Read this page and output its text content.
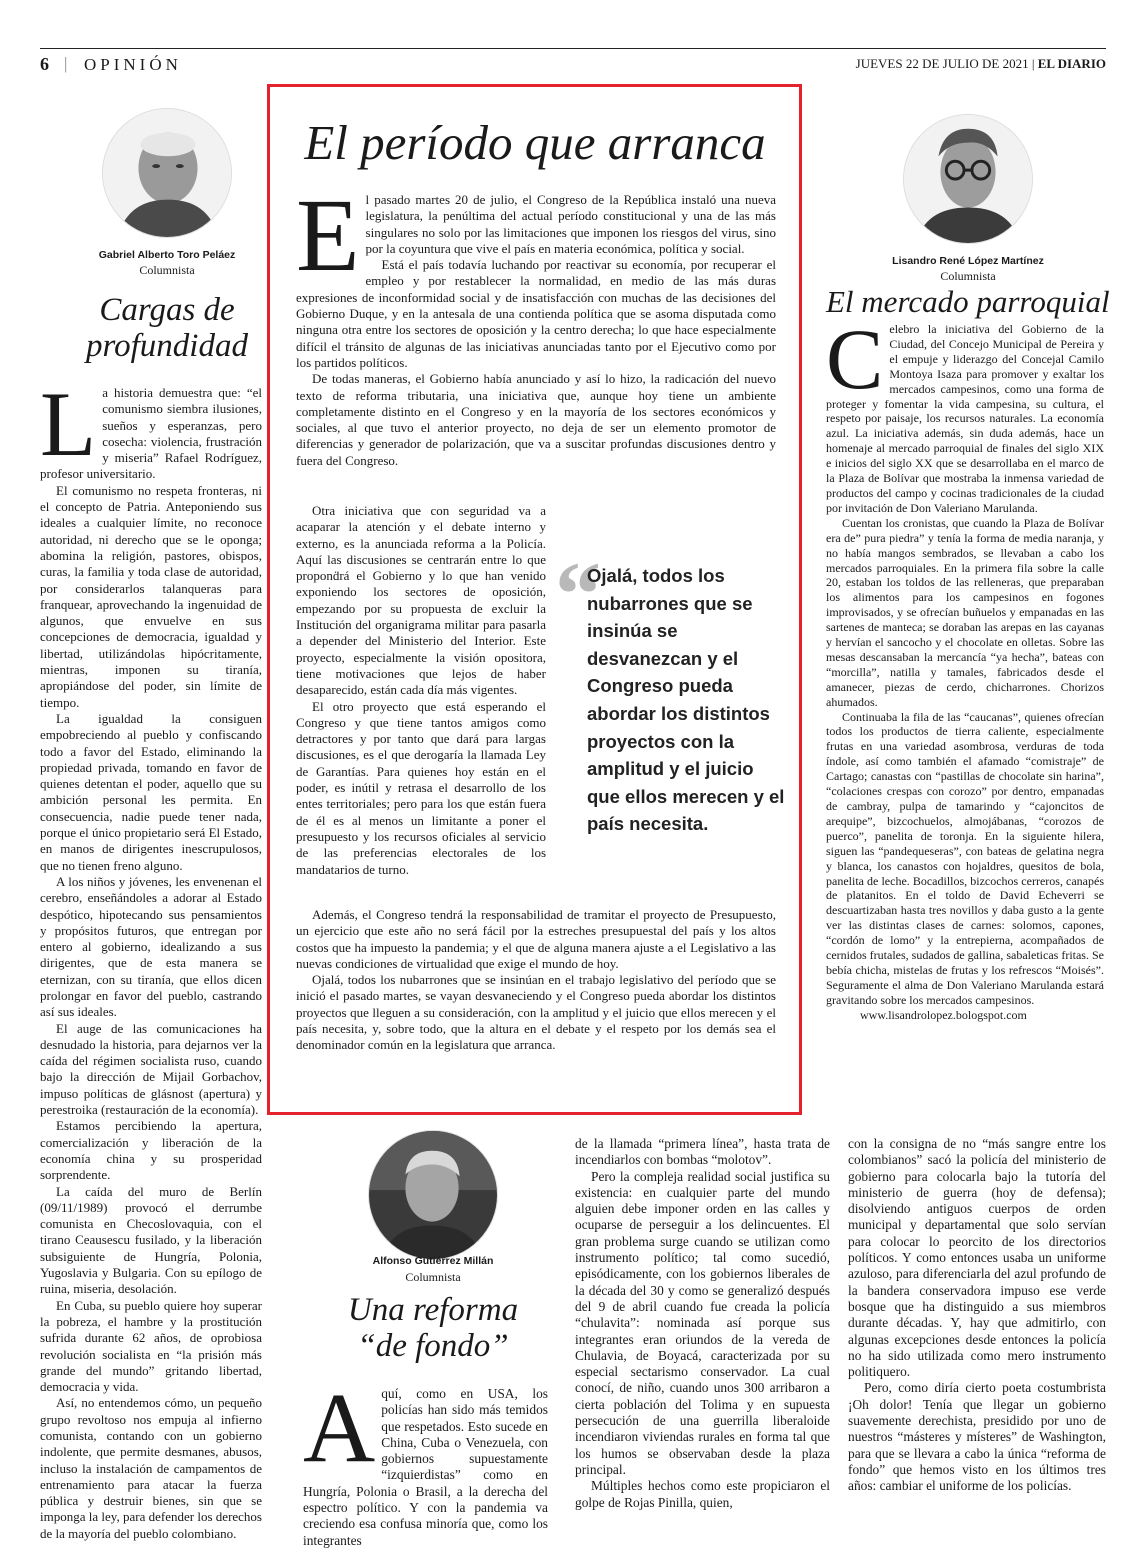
6 | OPINIÓN	JUEVES 22 DE JULIO DE 2021 | EL DIARIO
Gabriel Alberto Toro Peláez
Columnista
Cargas de profundidad

La historia demuestra que: “el comunismo siembra ilusiones, sueños y esperanzas, pero cosecha: violencia, frustración y miseria” Rafael Rodríguez, profesor universitario.

El comunismo no respeta fronteras, ni el concepto de Patria. Anteponiendo sus ideales a cualquier límite, no reconoce autoridad, ni derecho que se le oponga; abomina la religión, pastores, obispos, curas, la familia y toda clase de autoridad, por considerarlos talanqueras para franquear, aprovechando la ingenuidad de algunos, que envuelve en sus concepciones de democracia, igualdad y libertad, utilizándolas hipócritamente, mientras, imponen su tiranía, apropiándose del poder, sin límite de tiempo.

La igualdad la consiguen empobreciendo al pueblo y confiscando todo a favor del Estado, eliminando la propiedad privada, tomando en favor de quienes detentan el poder, aquello que su ambición personal les permita. En consecuencia, nadie puede tener nada, porque el único propietario será El Estado, en manos de dirigentes inescrupulosos, que no tienen freno alguno.

A los niños y jóvenes, les envenenan el cerebro, enseñándoles a adorar al Estado despótico, hipotecando sus pensamientos y propósitos futuros, que entregan por entero al gobierno, idealizando a sus dirigentes, que de esta manera se eternizan, con su tiranía, que ellos dicen prolongar en favor del pueblo, castrando así sus ideales.

El auge de las comunicaciones ha desnudado la historia, para dejarnos ver la caída del régimen socialista ruso, cuando bajo la dirección de Mijail Gorbachov, impuso políticas de glásnost (apertura) y perestroika (restauración de la economía).

Estamos percibiendo la apertura, comercialización y liberación de la economía china y su prosperidad sorprendente.

La caída del muro de Berlín (09/11/1989) provocó el derrumbe comunista en Checoslovaquia, con el tirano Ceausescu fusilado, y la liberación subsiguiente de Hungría, Polonia, Yugoslavia y Bulgaria. Con su epílogo de ruina, miseria, desolación.

En Cuba, su pueblo quiere hoy superar la pobreza, el hambre y la prostitución sufrida durante 62 años, de oprobiosa revolución socialista en “la prisión más grande del mundo” gritando libertad, democracia y vida.

Así, no entendemos cómo, un pequeño grupo revoltoso nos empuja al infierno comunista, contando con un gobierno indolente, que permite desmanes, abusos, incluso la instalación de campamentos de entrenamiento para atacar la fuerza pública y destruir bienes, sin que se imponga la ley, para defender los derechos de la mayoría del pueblo colombiano.

El período que arranca

El pasado martes 20 de julio, el Congreso de la República instaló una nueva legislatura, la penúltima del actual período constitucional y una de las más singulares no solo por las limitaciones que imponen los riesgos del virus, sino por la coyuntura que vive el país en materia económica, política y social.

Está el país todavía luchando por reactivar su economía, por recuperar el empleo y por restablecer la normalidad, en medio de las más duras expresiones de inconformidad social y de insatisfacción con muchas de las decisiones del Gobierno Duque, y en la antesala de una contienda política que se asoma disputada como ninguna otra entre los sectores de oposición y la centro derecha; lo que hace especialmente difícil el tránsito de algunas de las iniciativas anunciadas tanto por el Ejecutivo como por los partidos políticos.

De todas maneras, el Gobierno había anunciado y así lo hizo, la radicación del nuevo texto de reforma tributaria, una iniciativa que, aunque hoy tiene un ambiente completamente distinto en el Congreso y en la mayoría de los sectores económicos y sociales, al que tuvo el anterior proyecto, no deja de ser un elemento promotor de diferencias y generador de polarización, que va a suscitar profundas discusiones dentro y fuera del Congreso.

Otra iniciativa que con seguridad va a acaparar la atención y el debate interno y externo, es la anunciada reforma a la Policía. Aquí las discusiones se centrarán entre lo que proponḋrá el Gobierno y lo que han venido exponiendo los sectores de oposición, empezando por su propuesta de excluir la Institución del organigrama militar para pasarla a depender del Ministerio del Interior. Este proyecto, especialmente la visión opositora, tiene motivaciones que lejos de haber desaparecido, están cada día más vigentes.

El otro proyecto que está esperando el Congreso y que tiene tantos amigos como detractores y por tanto que dará para largas discusiones, es el que derogaría la llamada Ley de Garantías. Para quienes hoy están en el poder, es inútil y retrasa el desarrollo de los entes territoriales; pero para los que están fuera de él es al menos un limitante a poner el presupuesto y los recursos oficiales al servicio de las preferencias electorales de los mandatarios de turno.

Además, el Congreso tendrá la responsabilidad de tramitar el proyecto de Presupuesto, un ejercicio que este año no será fácil por la estreches presupuestal del país y los altos costos que ha impuesto la pandemia; y el que de alguna manera ajuste a el Legislativo a las nuevas condiciones de virtualidad que exige el mundo de hoy.

Ojalá, todos los nubarrones que se insinúan en el trabajo legislativo del período que se inició el pasado martes, se vayan desvaneciendo y el Congreso pueda abordar los distintos proyectos que lleguen a su consideración, con la amplitud y el juicio que ellos merecen y el país necesita, y, sobre todo, que la altura en el debate y el respeto por los demás sea el denominador común en la legislatura que arranca.

“
Ojalá, todos los nubarrones que se insinúa se desvanezcan y el Congreso pueda abordar los distintos proyectos con la amplitud y el juicio que ellos merecen y el país necesita.
Lisandro René López Martínez
Columnista
El mercado parroquial

Celebro la iniciativa del Gobierno de la Ciudad, del Concejo Municipal de Pereira y el empuje y liderazgo del Concejal Camilo Montoya Isaza para promover y exaltar los mercados campesinos, como una forma de proteger y fomentar la vida campesina, su cultura, el respeto por paisaje, los recursos naturales. La economía azul. La iniciativa además, sin duda además, hace un homenaje al mercado parroquial de finales del siglo XIX e inicios del siglo XX que se desarrollaba en el marco de la Plaza de Bolívar que mostraba la inmensa variedad de productos del campo y cocinas tradicionales de la ciudad por invitación de Don Valeriano Marulanda.

Cuentan los cronistas, que cuando la Plaza de Bolívar era de” pura piedra” y tenía la forma de media naranja, y no había mangos sembrados, se llevaban a cabo los mercados parroquiales. En la primera fila sobre la calle 20, estaban los toldos de las relleneras, que preparaban los alimentos para los campesinos en fogones improvisados, y se ofrecían buñuelos y empanadas en las sartenes de manteca; se doraban las arepas en las cayanas y hervían el sancocho y el chocolate en olletas. Sobre las mesas descansaban la mercancía “ya hecha”, bateas con “morcilla”, natilla y tamales, fabricados desde el amanecer, piezas de cerdo, chicharrones. Chorizos ahumados.

Continuaba la fila de las “caucanas”, quienes ofrecían todos los productos de tierra caliente, especialmente frutas en una variedad asombrosa, verduras de toda índole, así como también el afamado “comistraje” de Cartago; canastas con “pastillas de chocolate sin harina”, “colaciones crespas con corozo” por dentro, empanadas de cambray, pulpa de tamarindo y “cajoncitos de arequipe”, bizcochuelos, almojábanas, “corozos de puerco”, panelita de toronja. En la siguiente hilera, siguen las “pandequeseras”, con bateas de gelatina negra y blanca, los canastos con hojaldres, quesitos de bola, panelita de leche. Bocadillos, bizcochos cerreros, canapés de platanitos. En el toldo de David Echeverri se descuartizaban hasta tres novillos y daba gusto a la gente ver las distintas clases de carnes: solomos, capones, “cordón de lomo” y la entrepierna, acompañados de cernidos frutales, sudados de gallina, sabaleticas fritas. Se bebía chicha, mistelas de frutas y los refrescos “Moisés”. Seguramente el alma de Don Valeriano Marulanda estará gravitando sobre los mercados campesinos.

www.lisandrolopez.bologspot.com

Alfonso Gutiérrez Millán
Columnista
Una reforma
“de fondo”

Aquí, como en USA, los policías han sido más temidos que respetados. Esto sucede en China, Cuba o Venezuela, con gobiernos supuestamente “izquierdistas” como en Hungría, Polonia o Brasil, a la derecha del espectro político. Y con la pandemia va creciendo esa confusa minoría que, como los integrantes

de la llamada “primera línea”, hasta trata de incendiarlos con bombas “molotov”.

Pero la compleja realidad social justifica su existencia: en cualquier parte del mundo alguien debe imponer orden en las calles y ocuparse de perseguir a los delincuentes. El gran problema surge cuando se utilizan como instrumento político; tal como sucedió, episódicamente, con los gobiernos liberales de la década del 30 y como se generalizó después del 9 de abril cuando fue creada la policía “chulavita”: nominada así porque sus integrantes eran oriundos de la vereda de Chulavia, de Boyacá, caracterizada por su especial sectarismo conservador. La cual conocí, de niño, cuando unos 300 arribaron a cierta población del Tolima y en supuesta persecución de una guerrilla liberaloide incendiaron viviendas rurales en forma tal que los humos se observaban desde la plaza principal.

Múltiples hechos como este propiciaron el golpe de Rojas Pinilla, quien,

con la consigna de no “más sangre entre los colombianos” sacó la policía del ministerio de gobierno para colocarla bajo la tutoría del ministerio de guerra (hoy de defensa); disolviendo antiguos cuerpos de orden municipal y departamental que solo servían para colocar lo peorcito de los directorios políticos. Y como entonces usaba un uniforme azuloso, para diferenciarla del azul profundo de la bandera conservadora impuso ese verde bosque que ha distinguido a sus miembros durante décadas. Y, hay que admitirlo, con algunas excepciones desde entonces la policía no ha sido utilizada como mero instrumento politiquero.

Pero, como diría cierto poeta costumbrista ¡Oh dolor! Tenía que llegar un gobierno suavemente derechista, presidido por uno de nuestros “másteres y místeres” de Washington, para que se llevara a cabo la única “reforma de fondo” que hemos visto en los últimos tres años: cambiar el uniforme de los policías.
